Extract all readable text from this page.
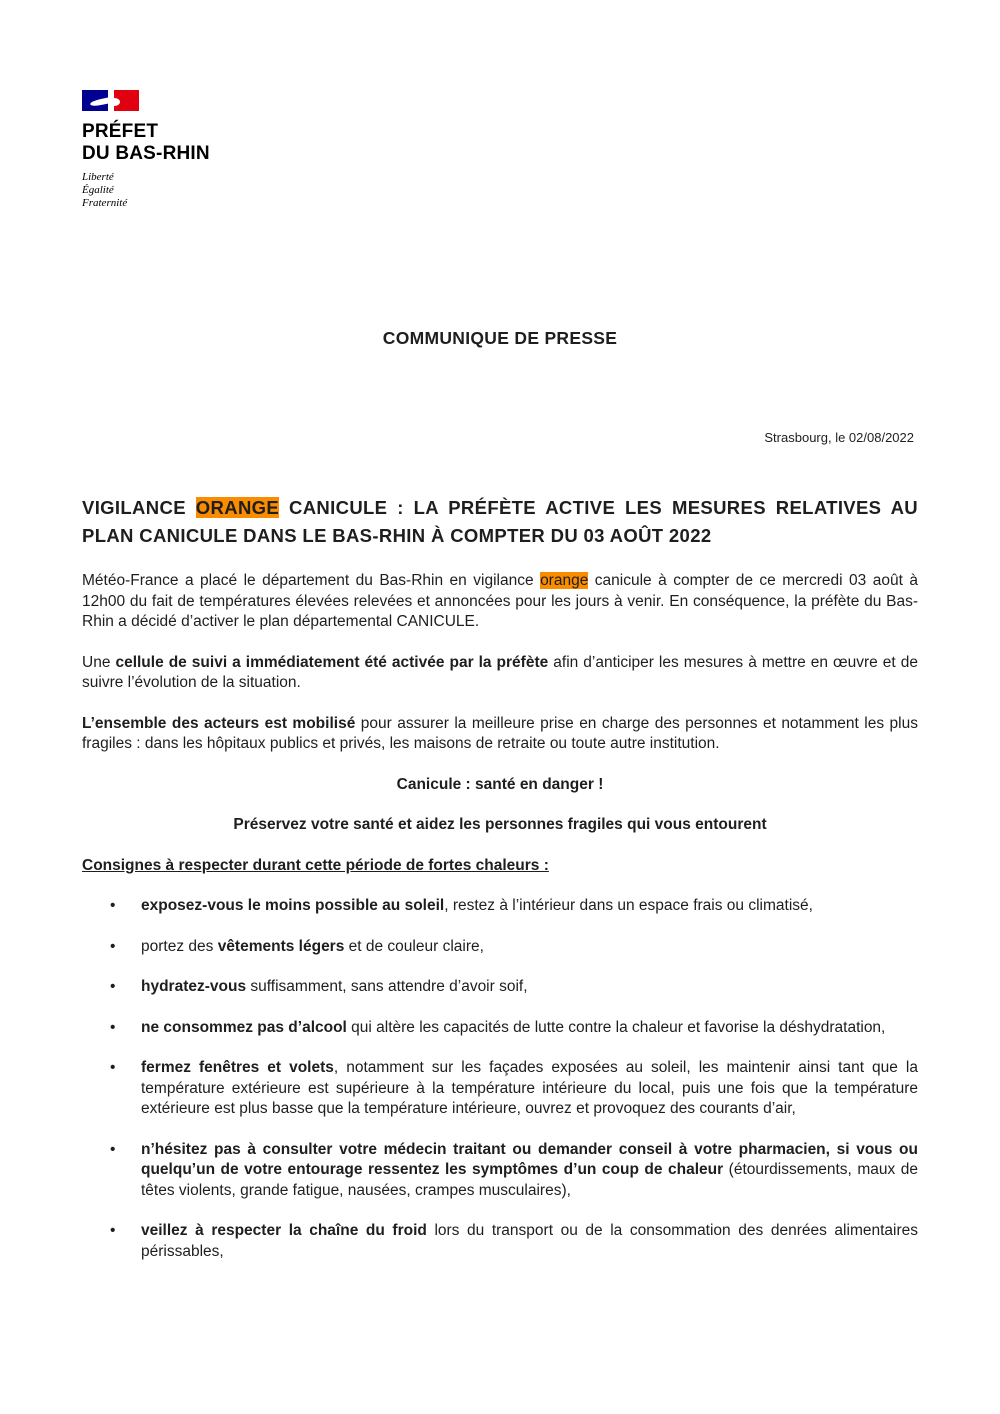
PRÉFET
DU BAS-RHIN
Liberté
Égalité
Fraternité
COMMUNIQUE DE PRESSE
Strasbourg, le 02/08/2022
VIGILANCE ORANGE CANICULE : LA PRÉFÈTE ACTIVE LES MESURES RELATIVES AU PLAN CANICULE DANS LE BAS-RHIN À COMPTER DU 03 AOÛT 2022

Météo-France a placé le département du Bas-Rhin en vigilance orange canicule à compter de ce mercredi 03 août à 12h00 du fait de températures élevées relevées et annoncées pour les jours à venir. En conséquence, la préfète du Bas-Rhin a décidé d’activer le plan départemental CANICULE.

Une cellule de suivi a immédiatement été activée par la préfète afin d’anticiper les mesures à mettre en œuvre et de suivre l’évolution de la situation.

L’ensemble des acteurs est mobilisé pour assurer la meilleure prise en charge des personnes et notamment les plus fragiles : dans les hôpitaux publics et privés, les maisons de retraite ou toute autre institution.

Canicule : santé en danger !

Préservez votre santé et aidez les personnes fragiles qui vous entourent

Consignes à respecter durant cette période de fortes chaleurs :

• exposez-vous le moins possible au soleil, restez à l’intérieur dans un espace frais ou climatisé,
• portez des vêtements légers et de couleur claire,
• hydratez-vous suffisamment, sans attendre d’avoir soif,
• ne consommez pas d’alcool qui altère les capacités de lutte contre la chaleur et favorise la déshydratation,
• fermez fenêtres et volets, notamment sur les façades exposées au soleil, les maintenir ainsi tant que la température extérieure est supérieure à la température intérieure du local, puis une fois que la température extérieure est plus basse que la température intérieure, ouvrez et provoquez des courants d’air,
• n’hésitez pas à consulter votre médecin traitant ou demander conseil à votre pharmacien, si vous ou quelqu’un de votre entourage ressentez les symptômes d’un coup de chaleur (étourdissements, maux de têtes violents, grande fatigue, nausées, crampes musculaires),
• veillez à respecter la chaîne du froid lors du transport ou de la consommation des denrées alimentaires périssables,
